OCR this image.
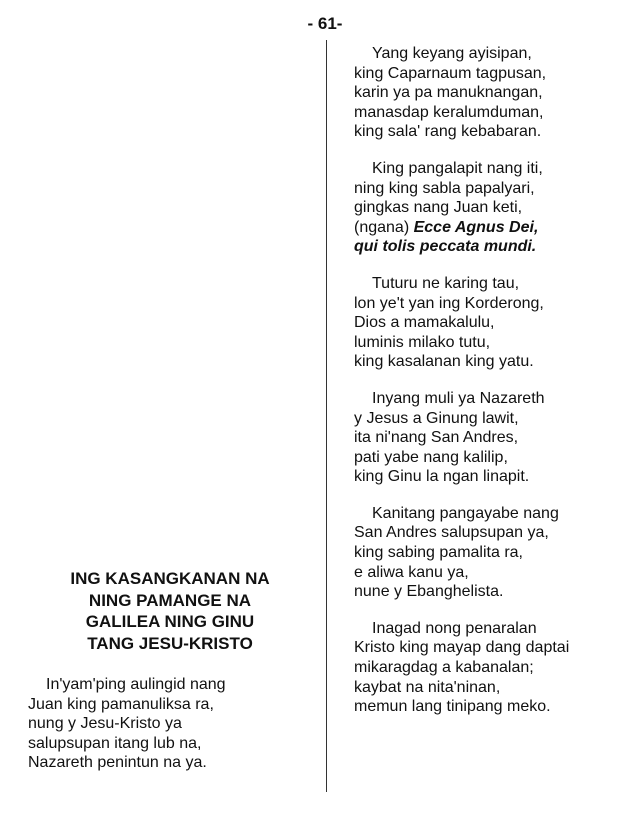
- 61-
ING KASANGKANAN NA
NING PAMANGE NA
GALILEA NING GINU
TANG JESU-KRISTO
In'yam'ping aulingid nang
Juan king pamanuliksa ra,
nung y Jesu-Kristo ya
salupsupan itang lub na,
Nazareth penintun na ya.
Yang keyang ayisipan,
king Caparnaum tagpusan,
karin ya pa manuknangan,
manasdap keralumduman,
king sala' rang kebabaran.
King pangalapit nang iti,
ning king sabla papalyari,
gingkas nang Juan keti,
(ngana) Ecce Agnus Dei,
qui tolis peccata mundi.
Tuturu ne karing tau,
lon ye't yan ing Korderong,
Dios a mamakalulu,
luminis milako tutu,
king kasalanan king yatu.
Inyang muli ya Nazareth
y Jesus a Ginung lawit,
ita ni'nang San Andres,
pati yabe nang kalilip,
king Ginu la ngan linapit.
Kanitang pangayabe nang
San Andres salupsupan ya,
king sabing pamalita ra,
e aliwa kanu ya,
nune y Ebanghelista.
Inagad nong penaralan
Kristo king mayap dang daptai
mikaragdag a kabanalan;
kaybat na nita'ninan,
memun lang tinipang meko.
